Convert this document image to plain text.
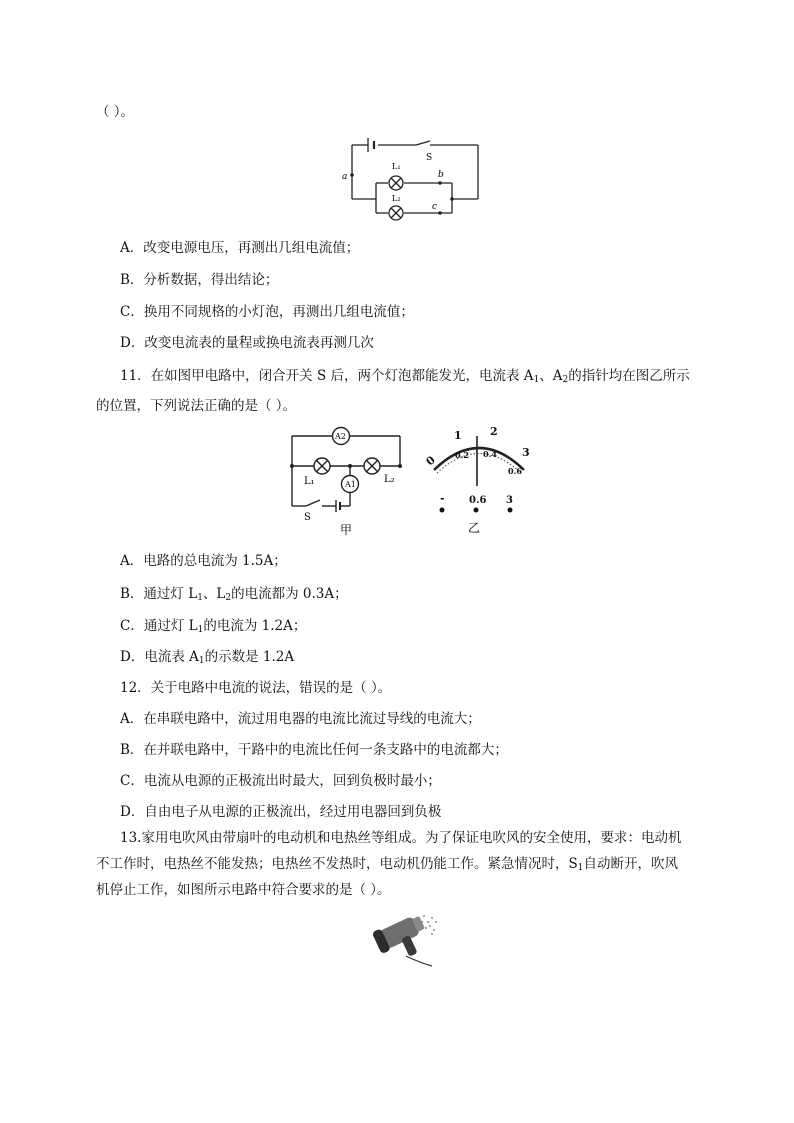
（ ）。
S
a	b
c
L₁
L₂
A．改变电源电压，再测出几组电流值；
B．分析数据，得出结论；
C．换用不同规格的小灯泡，再测出几组电流值；
D．改变电流表的量程或换电流表再测几次
11．在如图甲电路中，闭合开关 S 后，两个灯泡都能发光，电流表 $A_1$、$A_2$的指针均在图乙所示
的位置，下列说法正确的是（ ）。
A2
A1
L₁	L₂
S
甲
0
1	2
3
0.2 0.4
0.6
- 0.6 3
乙
A．电路的总电流为 1.5A；
B．通过灯 $L_1$、$L_2$的电流都为 0.3A；
C．通过灯 $L_1$的电流为 1.2A；
D．电流表 $A_1$的示数是 1.2A
12．关于电路中电流的说法，错误的是（ ）。
A．在串联电路中，流过用电器的电流比流过导线的电流大；
B．在并联电路中，干路中的电流比任何一条支路中的电流都大；
C．电流从电源的正极流出时最大，回到负极时最小；
D．自由电子从电源的正极流出，经过用电器回到负极
13.家用电吹风由带扇叶的电动机和电热丝等组成。为了保证电吹风的安全使用，要求：电动机
不工作时，电热丝不能发热；电热丝不发热时，电动机仍能工作。紧急情况时，$S_1$自动断开，吹风
机停止工作，如图所示电路中符合要求的是（ ）。
